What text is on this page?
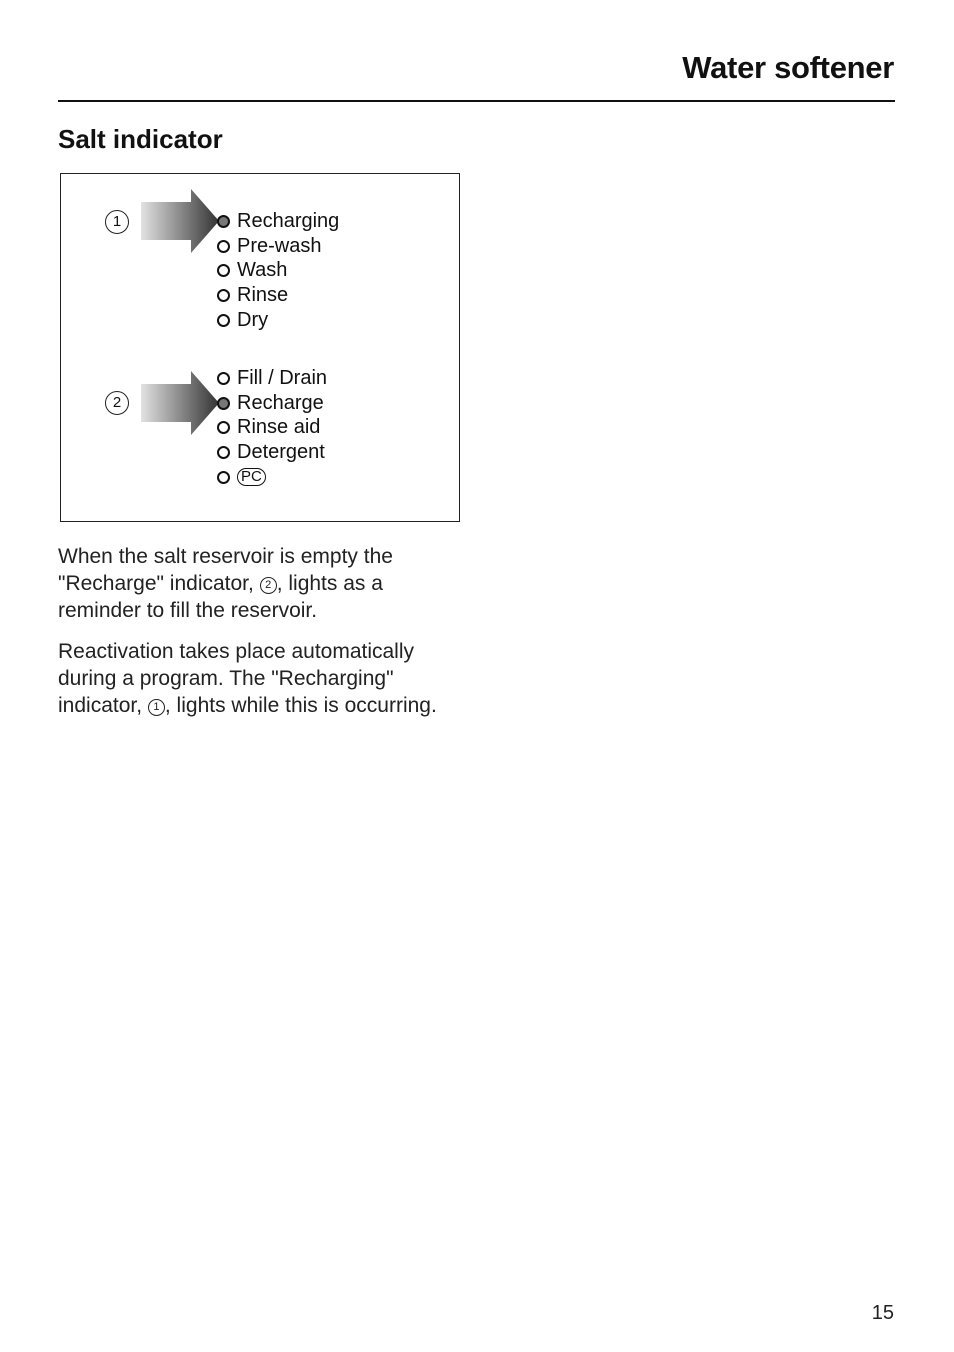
Water softener
Salt indicator
1	Recharging
Pre-wash
Wash
Rinse
Dry
2
Fill / Drain
Recharge
Rinse aid
Detergent
PC

When the salt reservoir is empty the "Recharge" indicator, 2 , lights as a reminder to fill the reservoir.

Reactivation takes place automatically during a program. The "Recharging" indicator, 1 , lights while this is occurring.

15
